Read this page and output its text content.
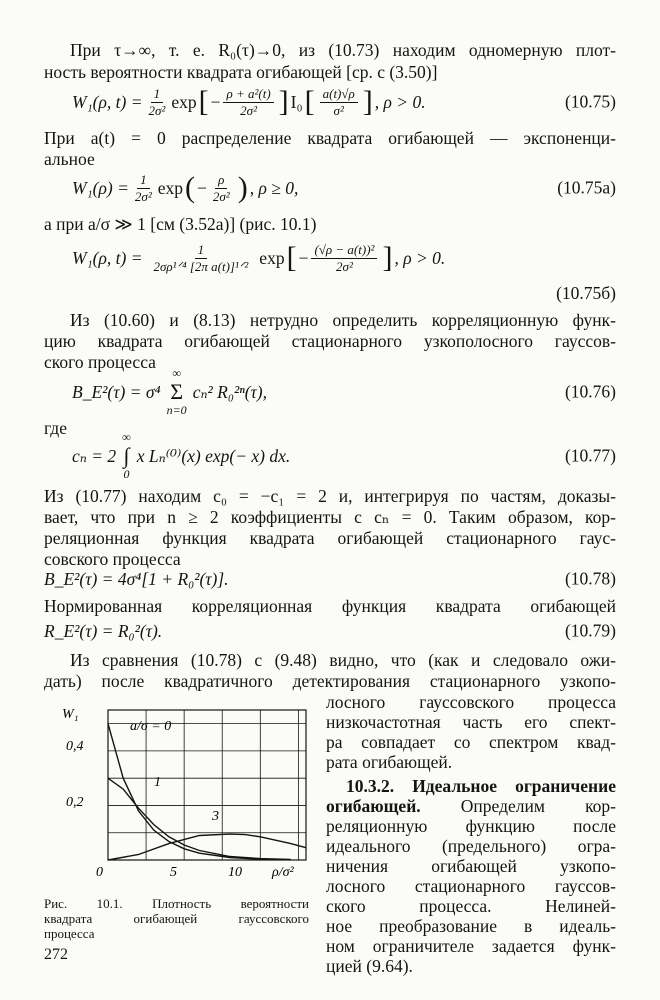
При τ→∞, т. е. R₀(τ)→0, из (10.73) находим одномерную плот-
ность вероятности квадрата огибающей [ср. с (3.50)]
W₁(ρ, $t) = \frac{1}{\text{2σ²}}$ exp [ − $\frac{\text{ρ + a²(t)}}{\text{2σ²}}$ ] I₀ [ $\frac{a(t)√\rho}{\text{σ²}}$ ] , ρ > 0.	(10.75)
При a(t) = 0 распределение квадрата огибающей — экспоненци-
альное
$W_1(\rho) = \frac{1}{\text{2σ²}}$ exp ( − $\frac{\rho}{\text{2σ²}}$ ) , ρ ≥ 0,	(10.75а)
а при a/σ ≫ 1 [см (3.52а)] (рис. 10.1)
W₁(ρ, $t) = \frac{1}{\text{2σρ¹ᐟ⁴ [2π a(t)]¹ᐟ²}}$ exp [ − $\frac{\text{(√ρ − a(t))²}}{\text{2σ²}}$ ] , ρ > 0.
(10.75б)
Из (10.60) и (8.13) нетрудно определить корреляционную функ-
цию квадрата огибающей стационарного узкополосного гауссов-
ского процесса
B_E²(τ) = σ⁴
∞
Σ
n=0
cₙ² R₀²ⁿ(τ),	(10.76)
где
cₙ = 2
∞
∫
0
x Lₙ⁽⁰⁾(x) exp(− x) dx.	(10.77)
Из (10.77) находим c₀ = −c₁ = 2 и, интегрируя по частям, доказы-
вает, что при n ≥ 2 коэффициенты с cₙ = 0. Таким образом, кор-
реляционная функция квадрата огибающей стационарного гаус-
совского процесса
B_E²(τ) = 4σ⁴[1 + R₀²(τ)].	(10.78)
Нормированная корреляционная функция квадрата огибающей
R_E²(τ) = R₀²(τ).	(10.79)
Из сравнения (10.78) с (9.48) видно, что (как и следовало ожи-
дать) после квадратичного детектирования стационарного узкопо-
лосного гауссовского процесса
низкочастотная часть его спект-
ра совпадает со спектром квад-
рата огибающей.
10.3.2. Идеальное ограничение
огибающей. Определим кор-
реляционную функцию после
идеального (предельного) огра-
ничения огибающей узкопо-
лосного стационарного гауссов-
ского процесса. Нелиней-
ное преобразование в идеаль-
ном ограничителе задается функ-
цией (9.64).
W₁
ρ/σ²
0,4
0,2
0	5	10
a/σ = 0
1
3
Рис. 10.1. Плотность вероятности
квадрата огибающей гауссовского
процесса
272
